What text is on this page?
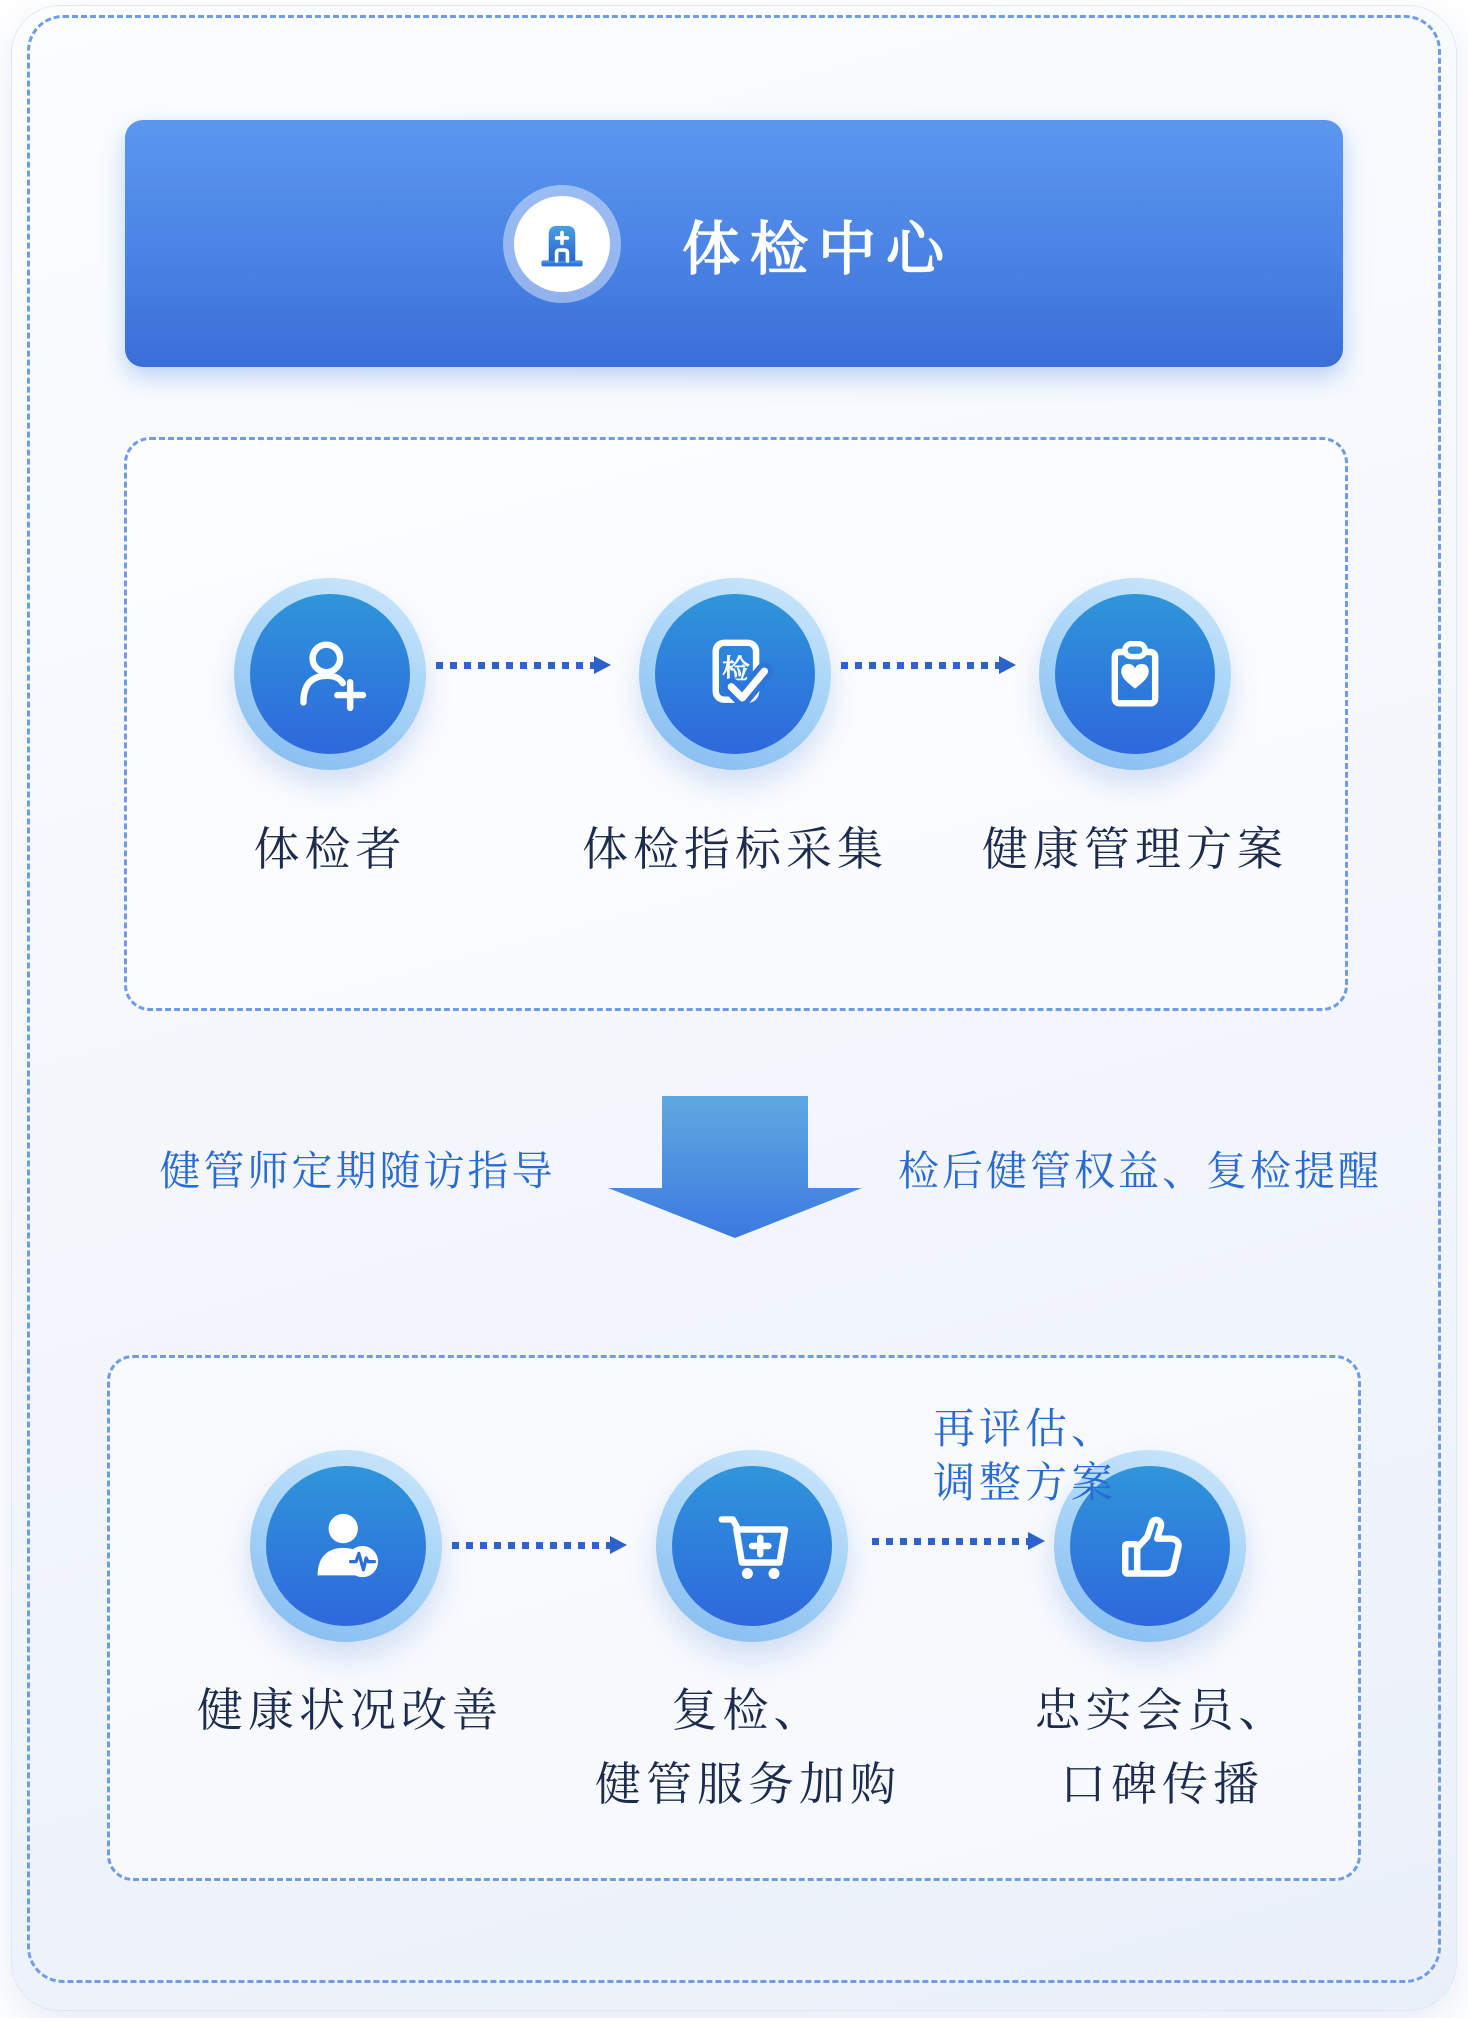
体检中心
检
体检者	体检指标采集	健康管理方案
健管师定期随访指导	检后健管权益、复检提醒
再评估、
调整方案
健康状况改善	复检、
健管服务加购
忠实会员、
口碑传播
